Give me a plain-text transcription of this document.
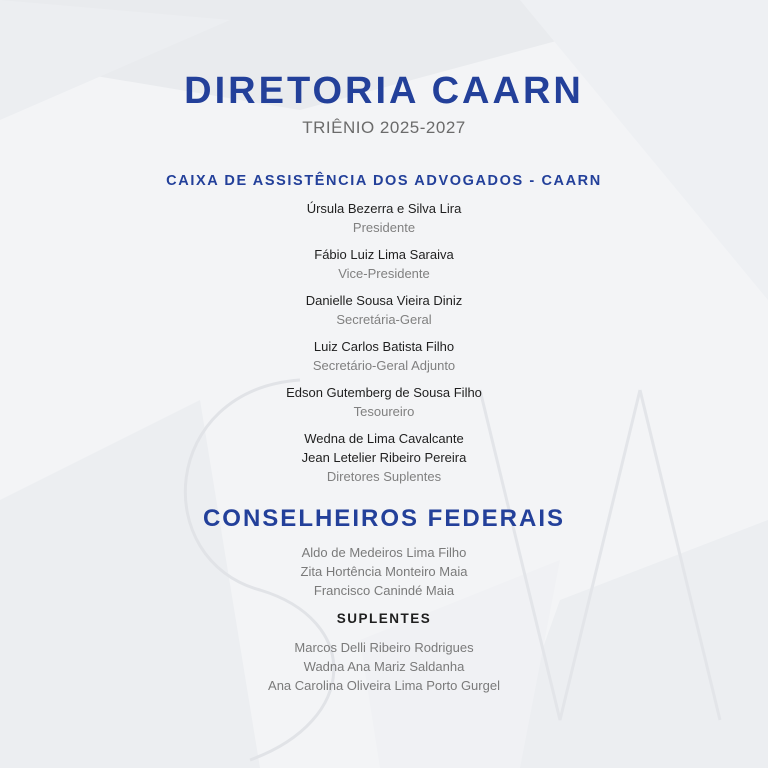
DIRETORIA CAARN
TRIÊNIO 2025-2027
CAIXA DE ASSISTÊNCIA DOS ADVOGADOS - CAARN
Úrsula Bezerra e Silva Lira
Presidente
Fábio Luiz Lima Saraiva
Vice-Presidente
Danielle Sousa Vieira Diniz
Secretária-Geral
Luiz Carlos Batista Filho
Secretário-Geral Adjunto
Edson Gutemberg de Sousa Filho
Tesoureiro
Wedna de Lima Cavalcante
Jean Letelier Ribeiro Pereira
Diretores Suplentes
CONSELHEIROS FEDERAIS
Aldo de Medeiros Lima Filho
Zita Hortência Monteiro Maia
Francisco Canindé Maia
SUPLENTES
Marcos Delli Ribeiro Rodrigues
Wadna Ana Mariz Saldanha
Ana Carolina Oliveira Lima Porto Gurgel
